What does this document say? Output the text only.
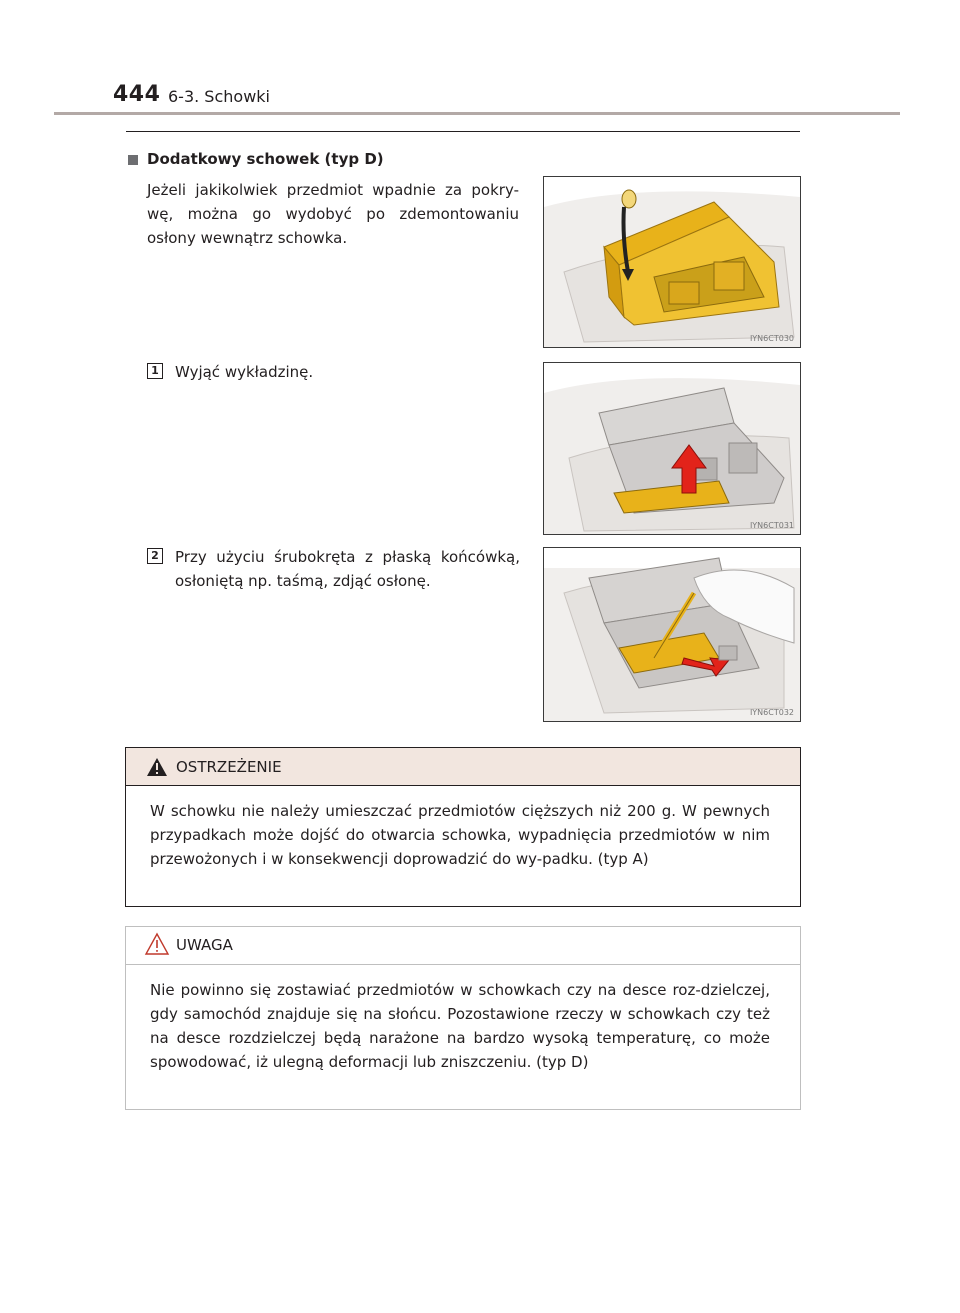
444 6-3. Schowki
Dodatkowy schowek (typ D)
Jeżeli jakikolwiek przedmiot wpadnie za pokry-wę, można go wydobyć po zdemontowaniu osłony wewnątrz schowka.
1 Wyjąć wykładzinę.
2 Przy użyciu śrubokręta z płaską końcówką, osłoniętą np. taśmą, zdjąć osłonę.
IYN6CT030
IYN6CT031
IYN6CT032
OSTRZEŻENIE
W schowku nie należy umieszczać przedmiotów cięższych niż 200 g. W pewnych przypadkach może dojść do otwarcia schowka, wypadnięcia przedmiotów w nim przewożonych i w konsekwencji doprowadzić do wy-padku. (typ A)
UWAGA
Nie powinno się zostawiać przedmiotów w schowkach czy na desce roz-dzielczej, gdy samochód znajduje się na słońcu. Pozostawione rzeczy w schowkach czy też na desce rozdzielczej będą narażone na bardzo wysoką temperaturę, co może spowodować, iż ulegną deformacji lub zniszczeniu. (typ D)
